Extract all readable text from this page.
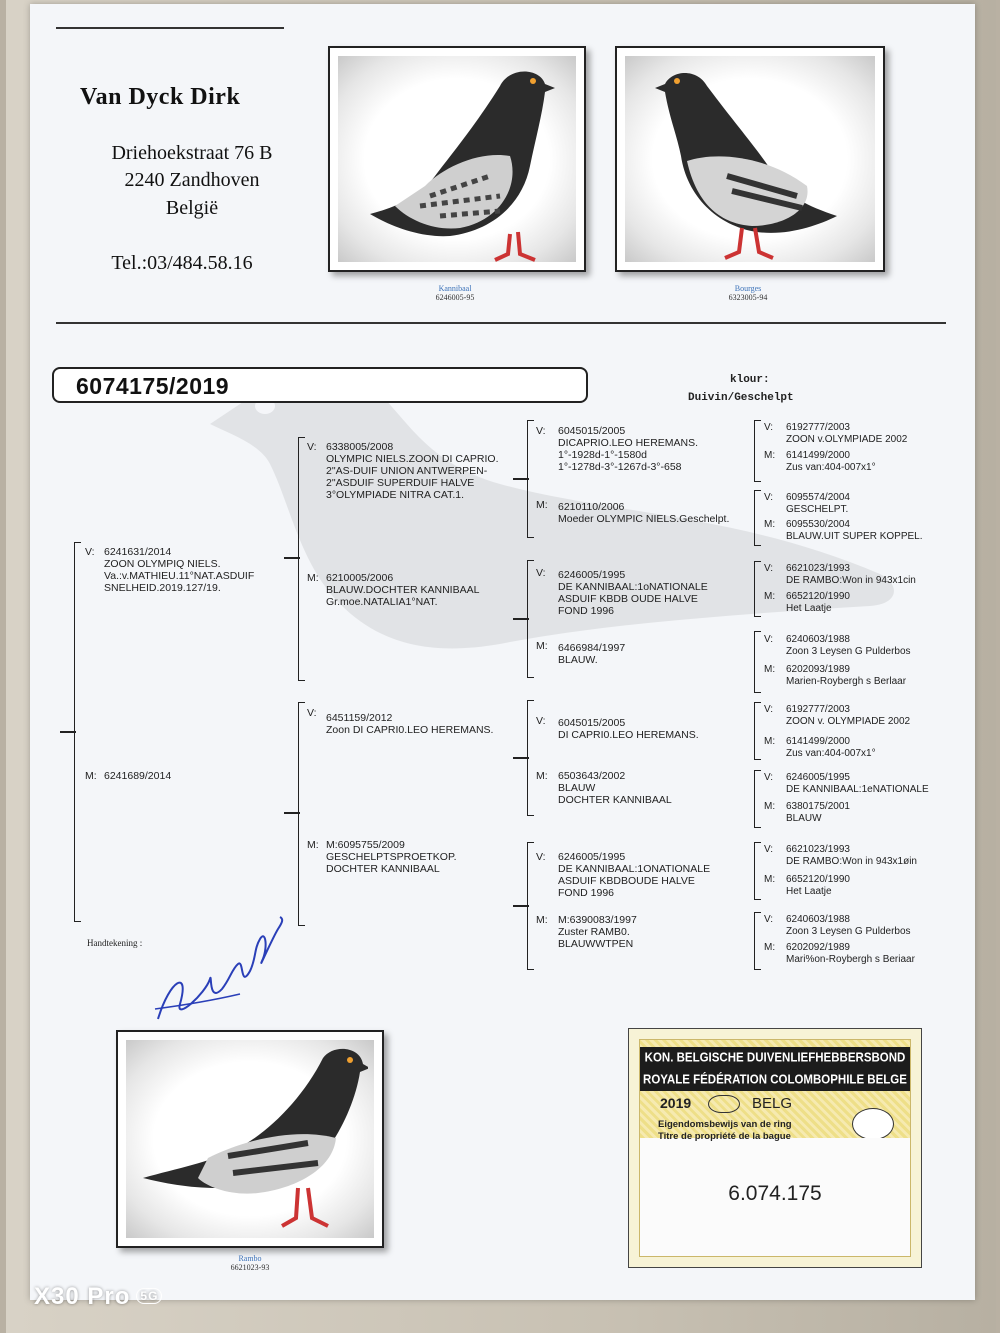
Van Dyck Dirk
Driehoekstraat 76 B
2240 Zandhoven
België
Tel.:03/484.58.16
Kannibaal
6246005-95
Bourges
6323005-94
6074175/2019	klour:
Duivin/Geschelpt
V: 6241631/2014
ZOON OLYMPIQ NIELS.
Va.:v.MATHIEU.11°NAT.ASDUIF
SNELHEID.2019.127/19.
M: 6241689/2014
V: 6338005/2008
OLYMPIC NIELS.ZOON DI CAPRIO.
2"AS-DUIF UNION ANTWERPEN-
2"ASDUIF SUPERDUIF HALVE
3°OLYMPIADE NITRA CAT.1.
M: 6210005/2006
BLAUW.DOCHTER KANNIBAAL
Gr.moe.NATALIA1°NAT.
V: 6451159/2012
Zoon DI CAPRI0.LEO HEREMANS.
M: M:6095755/2009
GESCHELPTSPROETKOP.
DOCHTER KANNIBAAL
V: 6045015/2005
DICAPRIO.LEO HEREMANS.
1°-1928d-1°-1580d
1°-1278d-3°-1267d-3°-658
M: 6210110/2006
Moeder OLYMPIC NIELS.Geschelpt.
V: 6246005/1995
DE KANNIBAAL:1oNATIONALE
ASDUIF KBDB OUDE HALVE
FOND 1996
M: 6466984/1997
BLAUW.
V: 6045015/2005
DI CAPRI0.LEO HEREMANS.
M: 6503643/2002
BLAUW
DOCHTER KANNIBAAL
V: 6246005/1995
DE KANNIBAAL:1ONATIONALE
ASDUIF KBDBOUDE HALVE
FOND 1996
M: M:6390083/1997
Zuster RAMB0.
BLAUWWTPEN
V: 6192777/2003
ZOON v.OLYMPIADE 2002
M: 6141499/2000
Zus van:404-007x1°
V: 6095574/2004
GESCHELPT.
M: 6095530/2004
BLAUW.UIT SUPER KOPPEL.
V: 6621023/1993
DE RAMBO:Won in 943x1cin
M: 6652120/1990
Het Laatje
V: 6240603/1988
Zoon 3 Leysen G Pulderbos
M: 6202093/1989
Marien-Roybergh s Berlaar
V: 6192777/2003
ZOON v. OLYMPIADE 2002
M: 6141499/2000
Zus van:404-007x1°
V: 6246005/1995
DE KANNIBAAL:1eNATIONALE
M: 6380175/2001
BLAUW
V: 6621023/1993
DE RAMBO:Won in 943x1øin
M: 6652120/1990
Het Laatje
V: 6240603/1988
Zoon 3 Leysen G Pulderbos
M: 6202092/1989
Mari%on-Roybergh s Beriaar
Handtekening :
Rambo
6621023-93
KON. BELGISCHE DUIVENLIEFHEBBERSBOND
ROYALE FÉDÉRATION COLOMBOPHILE BELGE
2019	BELG
Eigendomsbewijs van de ring
6.074.175
Titre de propriété de la bague
X30 Pro 5G
